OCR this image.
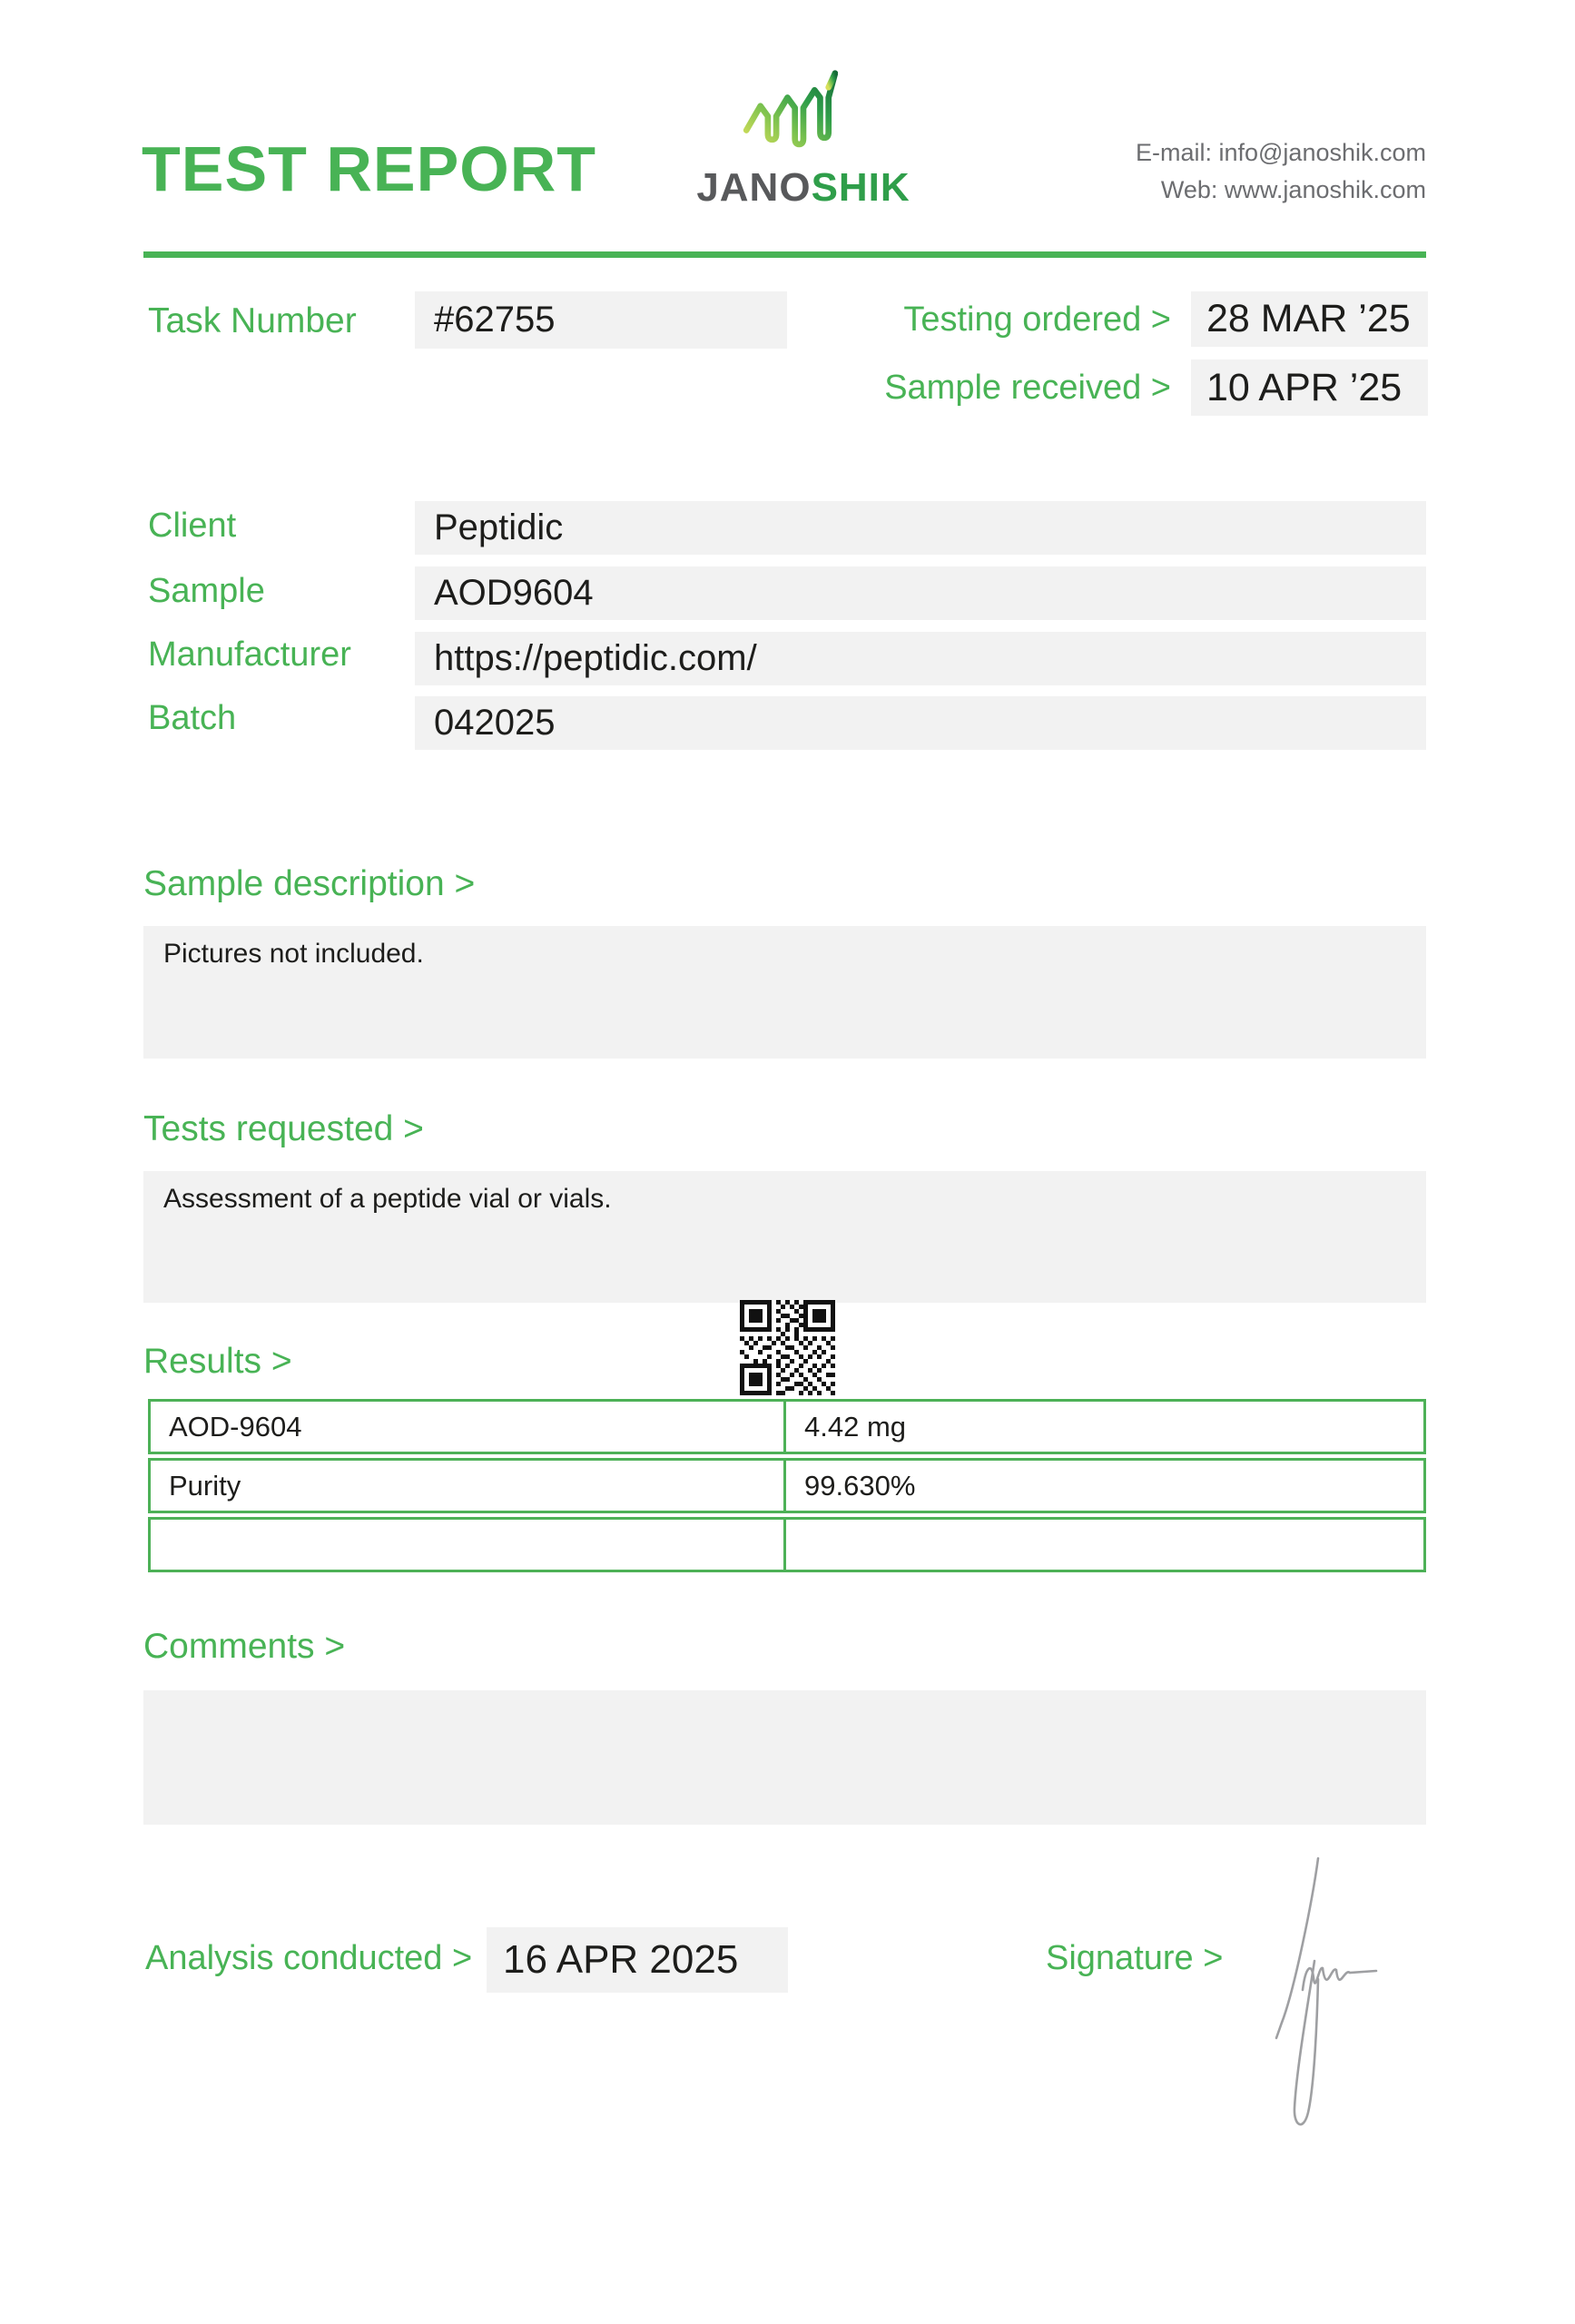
TEST REPORT	JANOSHIK
E-mail: info@janoshik.com
Web: www.janoshik.com
Task Number	#62755	Testing ordered > 28 MAR ’25
Sample received > 10 APR ’25
Client	Peptidic
Sample	AOD9604
Manufacturer	https://peptidic.com/
Batch	042025
Sample description >
Pictures not included.
Tests requested >
Assessment of a peptide vial or vials.
Results >
AOD-9604	4.42 mg
Purity	99.630%
Comments >
Analysis conducted > 16 APR 2025	Signature >
